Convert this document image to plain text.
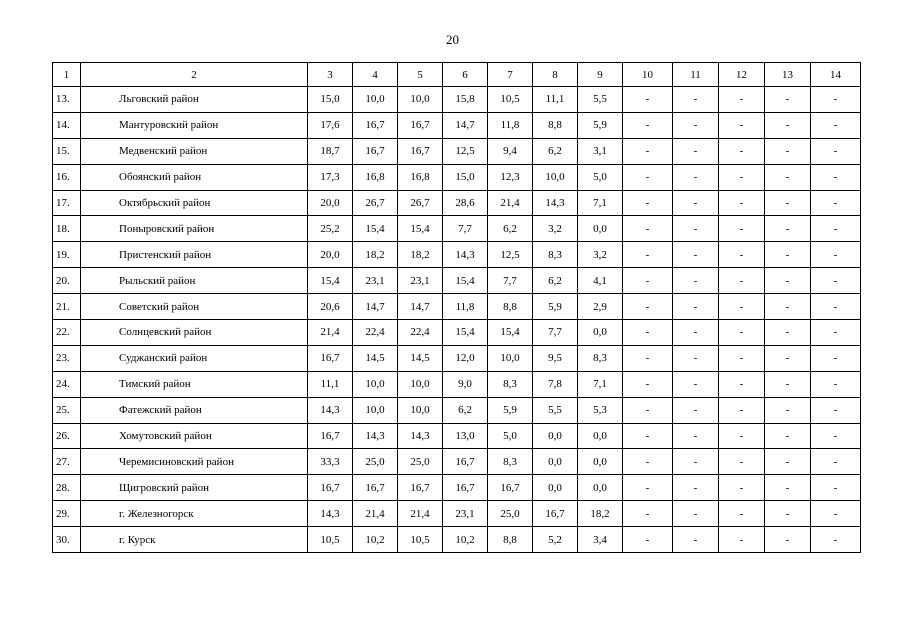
20
1	2	3	4	5	6	7	8	9	10	11	12	13	14
13.	Льговский район	15,0	10,0	10,0	15,8	10,5	11,1	5,5	-	-	-	-	-
14.	Мантуровский район	17,6	16,7	16,7	14,7	11,8	8,8	5,9	-	-	-	-	-
15.	Медвенский район	18,7	16,7	16,7	12,5	9,4	6,2	3,1	-	-	-	-	-
16.	Обоянский район	17,3	16,8	16,8	15,0	12,3	10,0	5,0	-	-	-	-	-
17.	Октябрьский район	20,0	26,7	26,7	28,6	21,4	14,3	7,1	-	-	-	-	-
18.	Поныровский район	25,2	15,4	15,4	7,7	6,2	3,2	0,0	-	-	-	-	-
19.	Пристенский район	20,0	18,2	18,2	14,3	12,5	8,3	3,2	-	-	-	-	-
20.	Рыльский район	15,4	23,1	23,1	15,4	7,7	6,2	4,1	-	-	-	-	-
21.	Советский район	20,6	14,7	14,7	11,8	8,8	5,9	2,9	-	-	-	-	-
22.	Солнцевский район	21,4	22,4	22,4	15,4	15,4	7,7	0,0	-	-	-	-	-
23.	Суджанский район	16,7	14,5	14,5	12,0	10,0	9,5	8,3	-	-	-	-	-
24.	Тимский район	11,1	10,0	10,0	9,0	8,3	7,8	7,1	-	-	-	-	-
25.	Фатежский район	14,3	10,0	10,0	6,2	5,9	5,5	5,3	-	-	-	-	-
26.	Хомутовский район	16,7	14,3	14,3	13,0	5,0	0,0	0,0	-	-	-	-	-
27.	Черемисиновский район	33,3	25,0	25,0	16,7	8,3	0,0	0,0	-	-	-	-	-
28.	Щигровский район	16,7	16,7	16,7	16,7	16,7	0,0	0,0	-	-	-	-	-
29.	г. Железногорск	14,3	21,4	21,4	23,1	25,0	16,7	18,2	-	-	-	-	-
30.	г. Курск	10,5	10,2	10,5	10,2	8,8	5,2	3,4	-	-	-	-	-
